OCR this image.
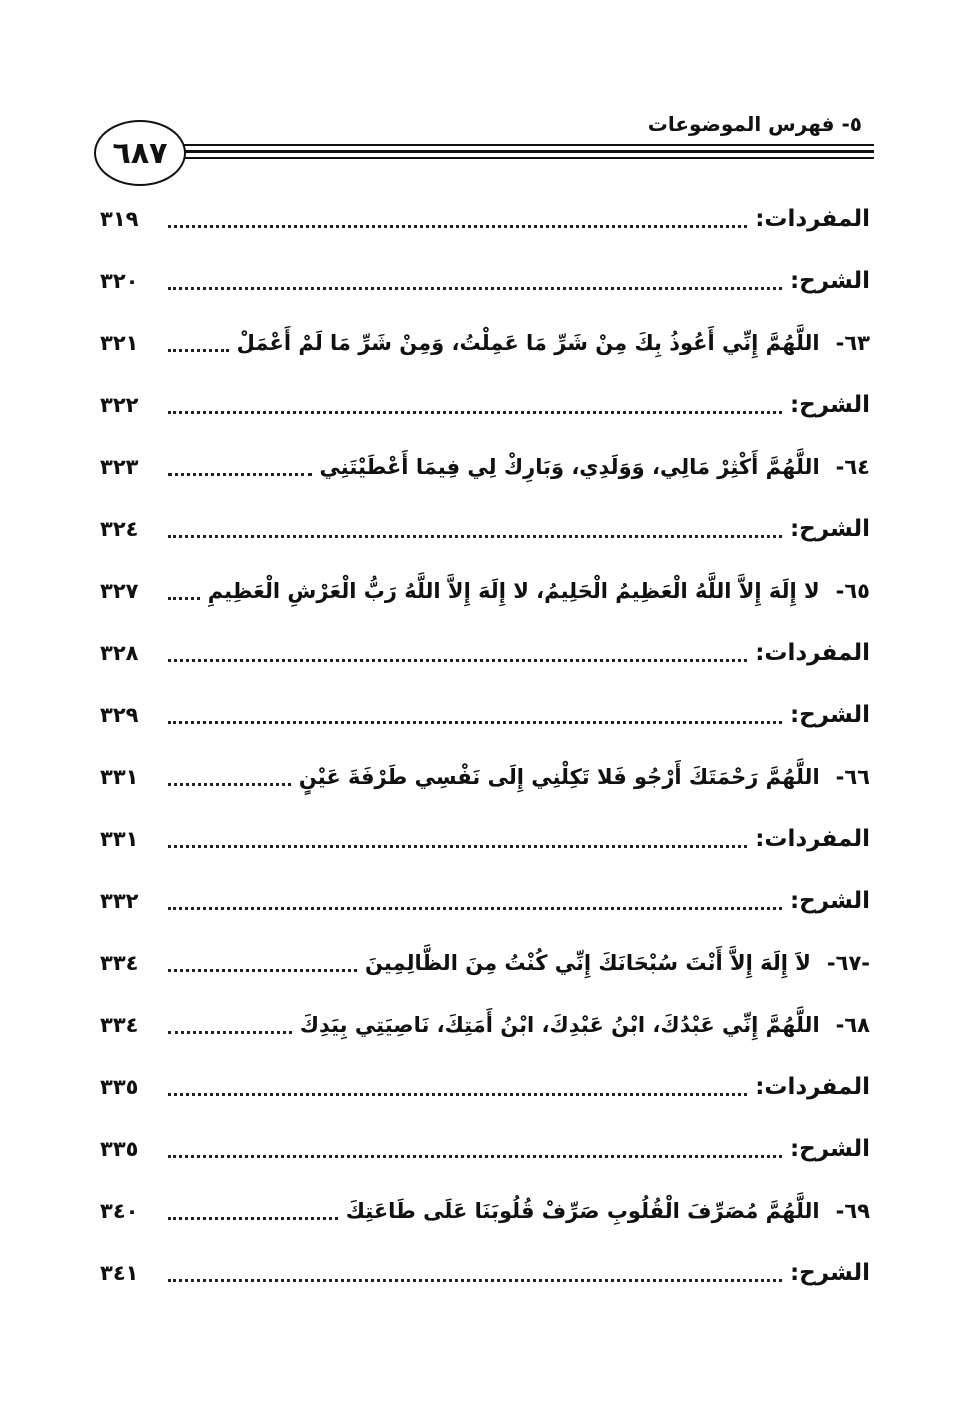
٦٨٧
٥- فهرس الموضوعات
المفردات:
٣١٩
الشرح:
٣٢٠
٦٣-اللَّهُمَّ إِنِّي أَعُوذُ بِكَ مِنْ شَرِّ مَا عَمِلْتُ، وَمِنْ شَرِّ مَا لَمْ أَعْمَلْ
٣٢١
الشرح:
٣٢٢
٦٤-اللَّهُمَّ أَكْثِرْ مَالِي، وَوَلَدِي، وَبَارِكْ لِي فِيمَا أَعْطَيْتَنِي
٣٢٣
الشرح:
٣٢٤
٦٥-لا إِلَهَ إِلاَّ اللَّهُ الْعَظِيمُ الْحَلِيمُ، لا إِلَهَ إِلاَّ اللَّهُ رَبُّ الْعَرْشِ الْعَظِيمِ
٣٢٧
المفردات:
٣٢٨
الشرح:
٣٢٩
٦٦-اللَّهُمَّ رَحْمَتَكَ أَرْجُو فَلا تَكِلْنِي إِلَى نَفْسِي طَرْفَةَ عَيْنٍ
٣٣١
المفردات:
٣٣١
الشرح:
٣٣٢
-٦٧-لاَ إِلَهَ إِلاَّ أَنْتَ سُبْحَانَكَ إِنِّي كُنْتُ مِنَ الظَّالِمِينَ
٣٣٤
٦٨-اللَّهُمَّ إِنِّي عَبْدُكَ، ابْنُ عَبْدِكَ، ابْنُ أَمَتِكَ، نَاصِيَتِي بِيَدِكَ
٣٣٤
المفردات:
٣٣٥
الشرح:
٣٣٥
٦٩-اللَّهُمَّ مُصَرِّفَ الْقُلُوبِ صَرِّفْ قُلُوبَنَا عَلَى طَاعَتِكَ
٣٤٠
الشرح:
٣٤١
